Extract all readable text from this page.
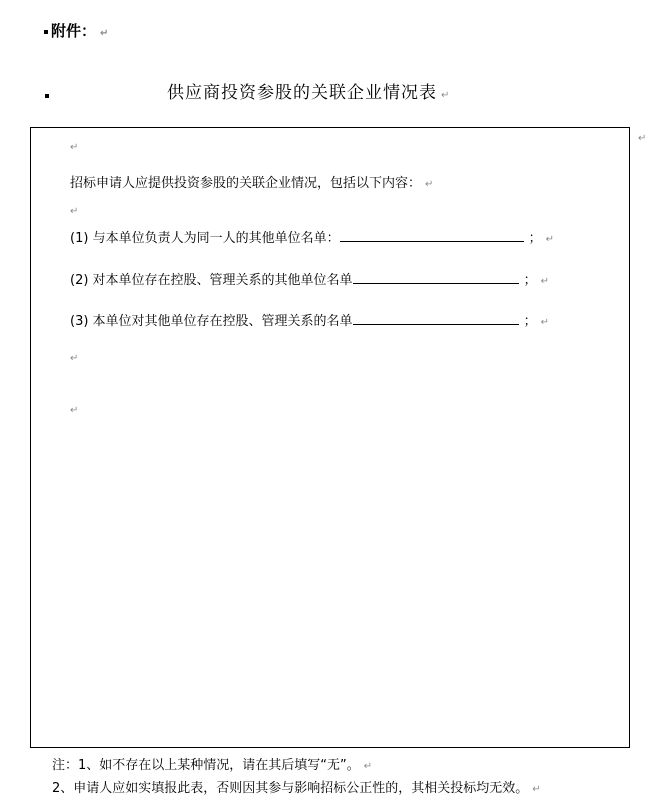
附件： ↵
供应商投资参股的关联企业情况表 ↵
↵
↵
招标申请人应提供投资参股的关联企业情况，包括以下内容： ↵
↵
(1) 与本单位负责人为同一人的其他单位名单：	； ↵
(2) 对本单位存在控股、管理关系的其他单位名单	； ↵
(3) 本单位对其他单位存在控股、管理关系的名单	； ↵
↵
↵
注：1、如不存在以上某种情况，请在其后填写“无”。 ↵
2、申请人应如实填报此表，否则因其参与影响招标公正性的，其相关投标均无效。 ↵
